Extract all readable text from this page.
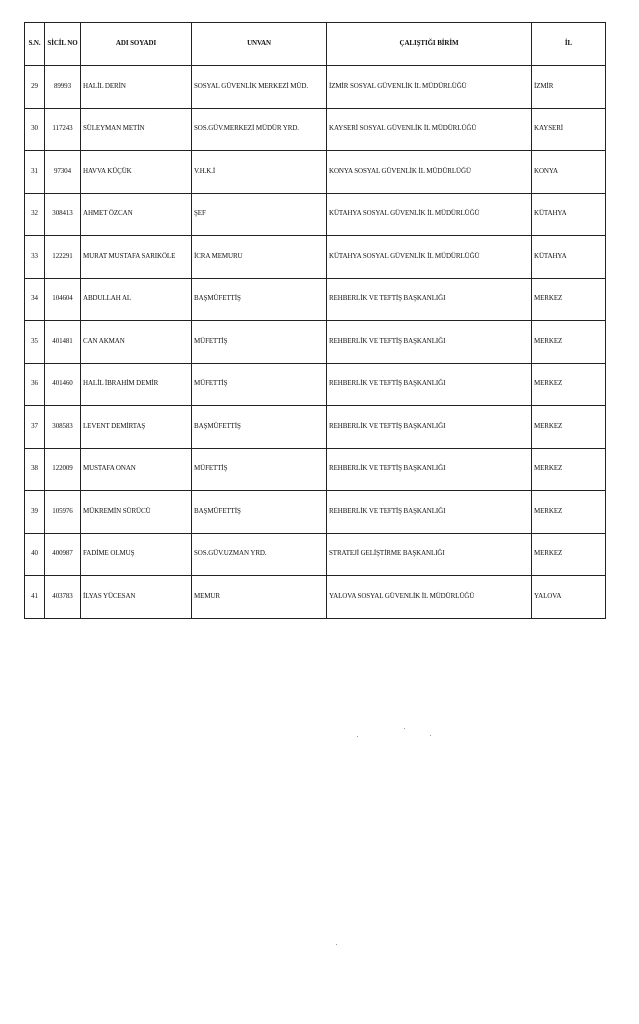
S.N.	SİCİL NO	ADI SOYADI	UNVAN	ÇALIŞTIĞI BİRİM	İL
29	89993	HALİL DERİN	SOSYAL GÜVENLİK MERKEZİ MÜD.	İZMİR SOSYAL GÜVENLİK İL MÜDÜRLÜĞÜ	İZMİR
30	117243	SÜLEYMAN METİN	SOS.GÜV.MERKEZİ MÜDÜR YRD.	KAYSERİ SOSYAL GÜVENLİK İL MÜDÜRLÜĞÜ	KAYSERİ
31	97304	HAVVA KÜÇÜK	V.H.K.İ	KONYA SOSYAL GÜVENLİK İL MÜDÜRLÜĞÜ	KONYA
32	308413	AHMET ÖZCAN	ŞEF	KÜTAHYA SOSYAL GÜVENLİK İL MÜDÜRLÜĞÜ	KÜTAHYA
33	122291	MURAT MUSTAFA SARIKÖLE	İCRA MEMURU	KÜTAHYA SOSYAL GÜVENLİK İL MÜDÜRLÜĞÜ	KÜTAHYA
34	104604	ABDULLAH AL	BAŞMÜFETTİŞ	REHBERLİK VE TEFTİŞ BAŞKANLIĞI	MERKEZ
35	401481	CAN AKMAN	MÜFETTİŞ	REHBERLİK VE TEFTİŞ BAŞKANLIĞI	MERKEZ
36	401460	HALİL İBRAHİM DEMİR	MÜFETTİŞ	REHBERLİK VE TEFTİŞ BAŞKANLIĞI	MERKEZ
37	308583	LEVENT DEMİRTAŞ	BAŞMÜFETTİŞ	REHBERLİK VE TEFTİŞ BAŞKANLIĞI	MERKEZ
38	122009	MUSTAFA ONAN	MÜFETTİŞ	REHBERLİK VE TEFTİŞ BAŞKANLIĞI	MERKEZ
39	105976	MÜKREMİN SÜRÜCÜ	BAŞMÜFETTİŞ	REHBERLİK VE TEFTİŞ BAŞKANLIĞI	MERKEZ
40	400987	FADİME OLMUŞ	SOS.GÜV.UZMAN YRD.	STRATEJİ GELİŞTİRME BAŞKANLIĞI	MERKEZ
41	403783	İLYAS YÜCESAN	MEMUR	YALOVA SOSYAL GÜVENLİK İL MÜDÜRLÜĞÜ	YALOVA
